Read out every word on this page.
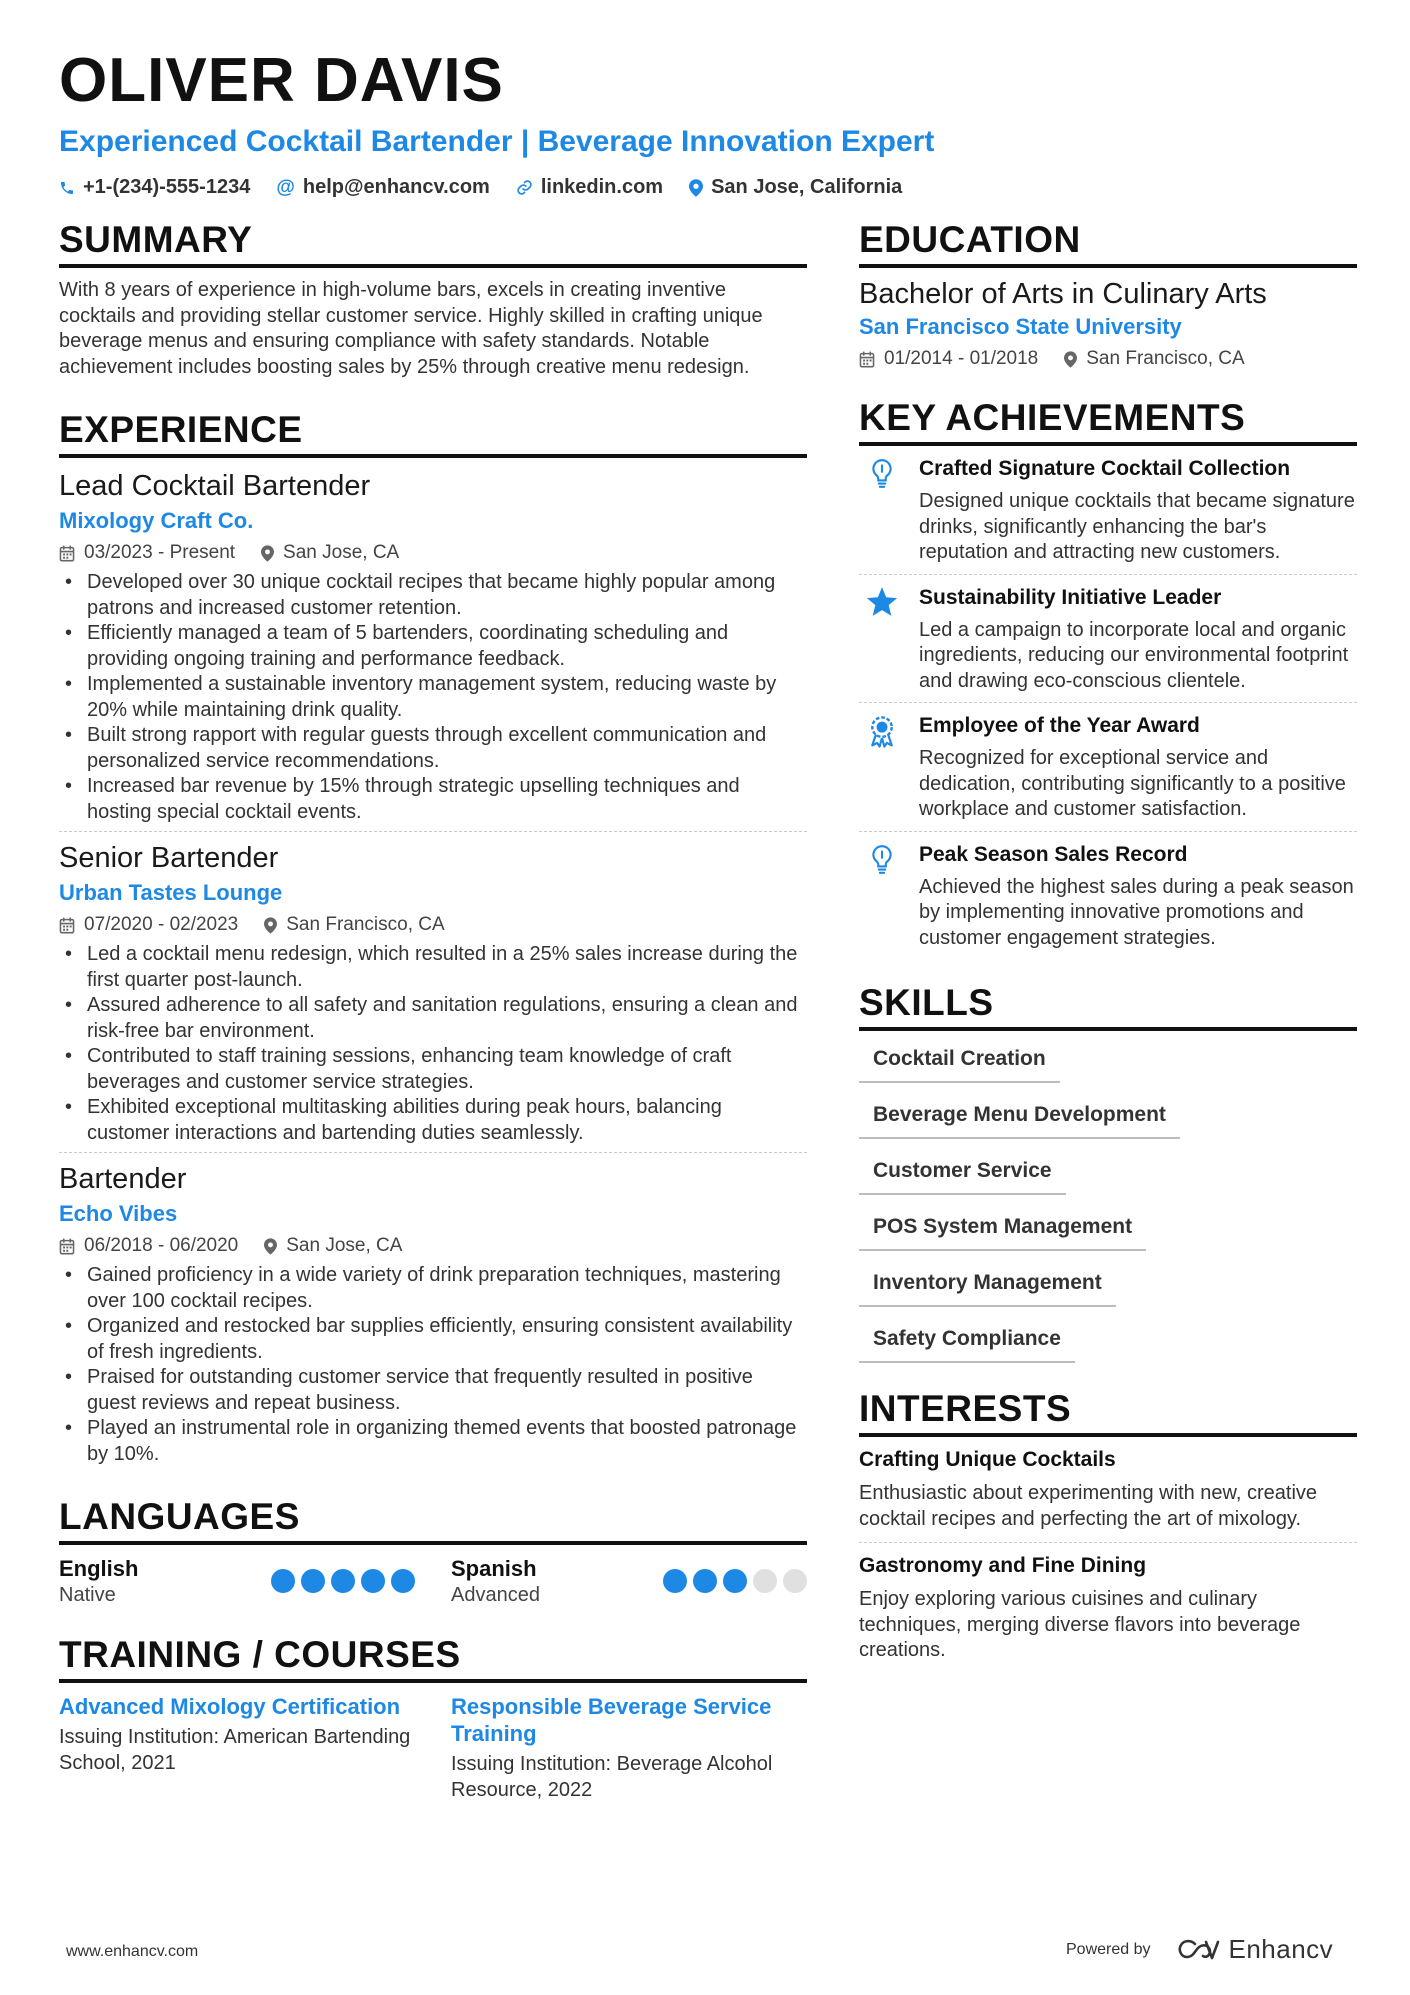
OLIVER DAVIS
Experienced Cocktail Bartender | Beverage Innovation Expert
+1-(234)-555-1234 @ help@enhancv.com	linkedin.com San Jose, California
SUMMARY

With 8 years of experience in high-volume bars, excels in creating inventive cocktails and providing stellar customer service. Highly skilled in crafting unique beverage menus and ensuring compliance with safety standards. Notable achievement includes boosting sales by 25% through creative menu redesign.

EXPERIENCE
Lead Cocktail Bartender
Mixology Craft Co.
03/2023 - Present	San Jose, CA
• Developed over 30 unique cocktail recipes that became highly popular among patrons and increased customer retention.
• Efficiently managed a team of 5 bartenders, coordinating scheduling and providing ongoing training and performance feedback.
• Implemented a sustainable inventory management system, reducing waste by 20% while maintaining drink quality.
• Built strong rapport with regular guests through excellent communication and personalized service recommendations.
• Increased bar revenue by 15% through strategic upselling techniques and hosting special cocktail events.
Senior Bartender
Urban Tastes Lounge
07/2020 - 02/2023	San Francisco, CA
• Led a cocktail menu redesign, which resulted in a 25% sales increase during the first quarter post-launch.
• Assured adherence to all safety and sanitation regulations, ensuring a clean and risk-free bar environment.
• Contributed to staff training sessions, enhancing team knowledge of craft beverages and customer service strategies.
• Exhibited exceptional multitasking abilities during peak hours, balancing customer interactions and bartending duties seamlessly.
Bartender
Echo Vibes
06/2018 - 06/2020	San Jose, CA
• Gained proficiency in a wide variety of drink preparation techniques, mastering over 100 cocktail recipes.
• Organized and restocked bar supplies efficiently, ensuring consistent availability of fresh ingredients.
• Praised for outstanding customer service that frequently resulted in positive guest reviews and repeat business.
• Played an instrumental role in organizing themed events that boosted patronage by 10%.
LANGUAGES
English
Native
Spanish
Advanced
TRAINING / COURSES
Advanced Mixology Certification
Issuing Institution: American Bartending School, 2021
Responsible Beverage Service Training
Issuing Institution: Beverage Alcohol Resource, 2022
EDUCATION
Bachelor of Arts in Culinary Arts
San Francisco State University
01/2014 - 01/2018	San Francisco, CA
KEY ACHIEVEMENTS
Crafted Signature Cocktail Collection
Designed unique cocktails that became signature drinks, significantly enhancing the bar's reputation and attracting new customers.
Sustainability Initiative Leader
Led a campaign to incorporate local and organic ingredients, reducing our environmental footprint and drawing eco-conscious clientele.
Employee of the Year Award
Recognized for exceptional service and dedication, contributing significantly to a positive workplace and customer satisfaction.
Peak Season Sales Record
Achieved the highest sales during a peak season by implementing innovative promotions and customer engagement strategies.
SKILLS
Cocktail Creation
Beverage Menu Development
Customer Service
POS System Management
Inventory Management
Safety Compliance
INTERESTS
Crafting Unique Cocktails
Enthusiastic about experimenting with new, creative cocktail recipes and perfecting the art of mixology.
Gastronomy and Fine Dining
Enjoy exploring various cuisines and culinary techniques, merging diverse flavors into beverage creations.
www.enhancv.com	Powered by	Enhancv
